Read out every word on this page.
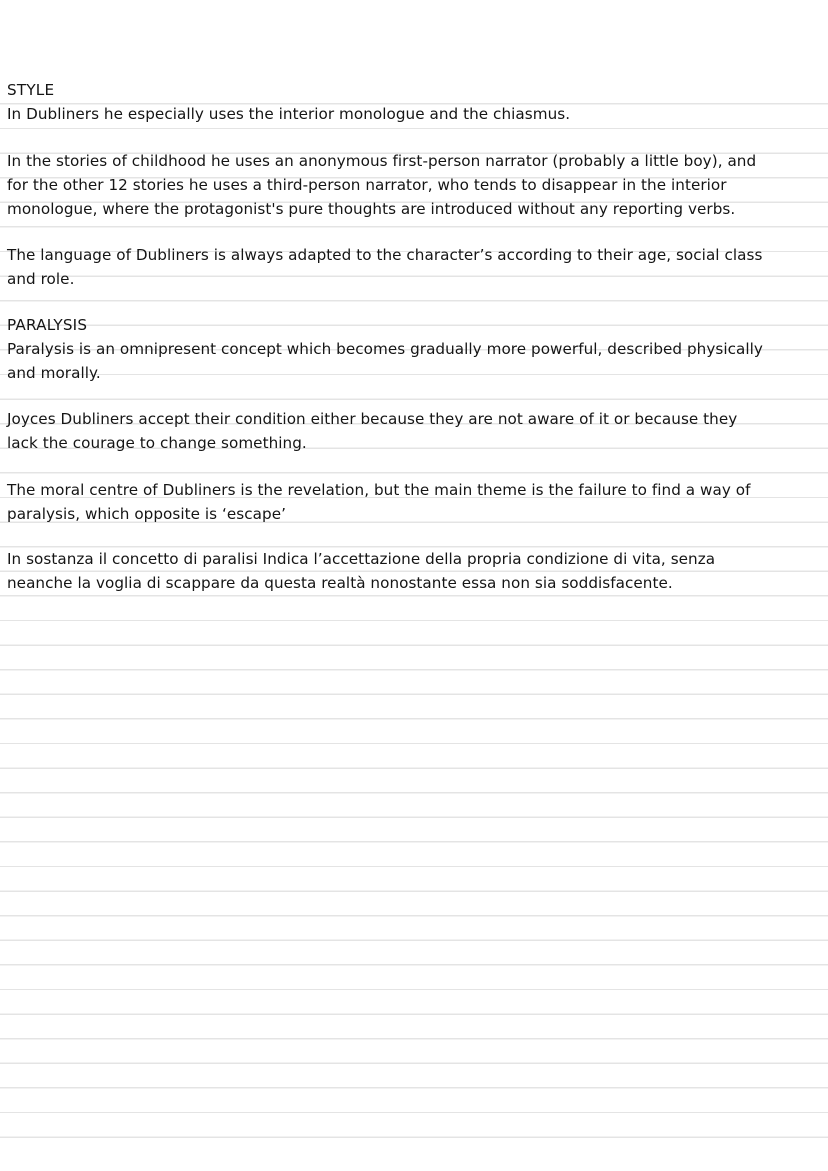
STYLE
In Dubliners he especially uses the interior monologue and the chiasmus.
In the stories of childhood he uses an anonymous first-person narrator (probably a little boy), and
for the other 12 stories he uses a third-person narrator, who tends to disappear in the interior
monologue, where the protagonist's pure thoughts are introduced without any reporting verbs.
The language of Dubliners is always adapted to the character’s according to their age, social class
and role.
PARALYSIS
Paralysis is an omnipresent concept which becomes gradually more powerful, described physically
and morally.
Joyces Dubliners accept their condition either because they are not aware of it or because they
lack the courage to change something.
The moral centre of Dubliners is the revelation, but the main theme is the failure to find a way of
paralysis, which opposite is ‘escape’
In sostanza il concetto di paralisi Indica l’accettazione della propria condizione di vita, senza
neanche la voglia di scappare da questa realtà nonostante essa non sia soddisfacente.
